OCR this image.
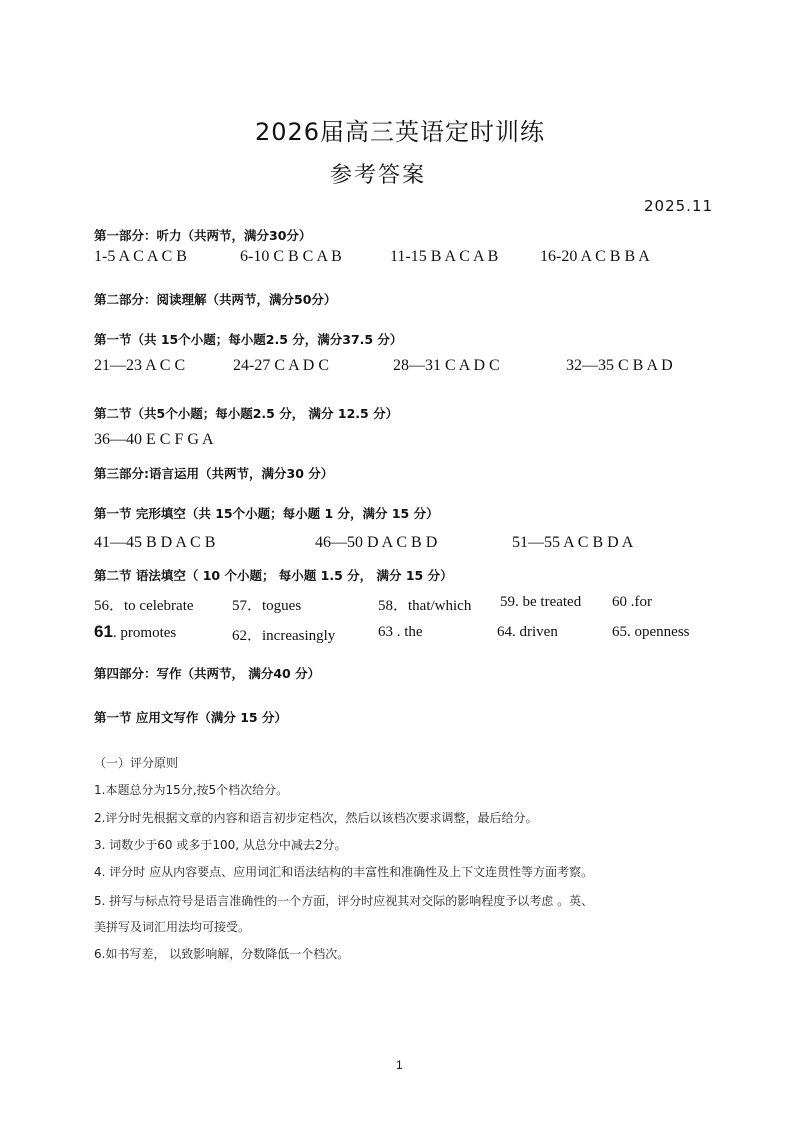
2026届高三英语定时训练
参考答案
2025.11
第一部分：听力（共两节，满分30分）
1-5 A C A C B	6-10 C B C A B	11-15 B A C A B	16-20 A C B B A
第二部分：阅读理解（共两节，满分50分）
第一节（共 15个小题；每小题2.5 分，满分37.5 分）
21—23 A C C	24-27 C A D C	28—31 C A D C	32—35 C B A D
第二节（共5个小题；每小题2.5 分， 满分 12.5 分）
36—40 E C F G A
第三部分:语言运用（共两节，满分30 分）
第一节 完形填空（共 15个小题；每小题 1 分，满分 15 分）
41—45 B D A C B	46—50 D A C B D	51—55 A C B D A
第二节 语法填空（ 10 个小题； 每小题 1.5 分， 满分 15 分）
56．to celebrate	57．togues	58．that/which 59. be treated 60 .for
61. promotes	62．increasingly	63 . the	64. driven	65. openness
第四部分：写作（共两节， 满分40 分）
第一节 应用文写作（满分 15 分）
（一）评分原则
1.本题总分为15分,按5个档次给分。
2.评分时先根据文章的内容和语言初步定档次，然后以该档次要求调整，最后给分。
3. 词数少于60 或多于100, 从总分中减去2分。
4. 评分时 应从内容要点、应用词汇和语法结构的丰富性和准确性及上下文连贯性等方面考察。
5. 拼写与标点符号是语言准确性的一个方面，评分时应视其对交际的影响程度予以考虑 。英、
美拼写及词汇用法均可接受。
6.如书写差， 以致影响解，分数降低一个档次。
1
